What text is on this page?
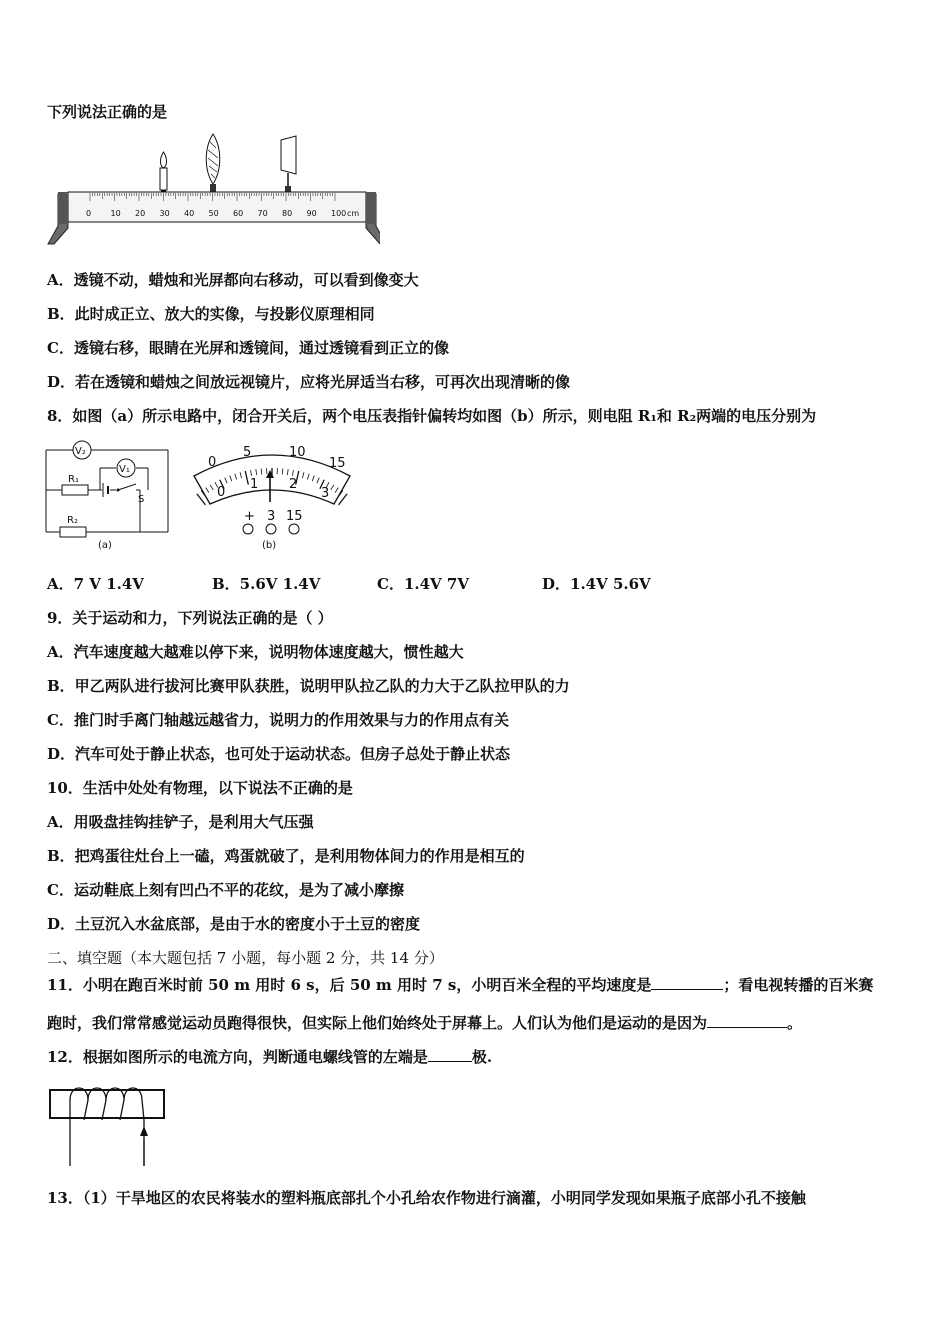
下列说法正确的是
0 10 20 30 40 50 60 70 80 90 100 cm
A．透镜不动，蜡烛和光屏都向右移动，可以看到像变大
B．此时成正立、放大的实像，与投影仪原理相同
C．透镜右移，眼睛在光屏和透镜间，通过透镜看到正立的像
D．若在透镜和蜡烛之间放远视镜片，应将光屏适当右移，可再次出现清晰的像
8．如图（a）所示电路中，闭合开关后，两个电压表指针偏转均如图（b）所示，则电阻 R₁和 R₂两端的电压分别为
V₂
V₁
R₁
S
R₂
(a)
0
5	10
15
0
1 2
3
+ 3 15
(b)
A．7 V 1.4V	B．5.6V 1.4V	C．1.4V 7V	D．1.4V 5.6V
9．关于运动和力，下列说法正确的是（ ）
A．汽车速度越大越难以停下来，说明物体速度越大，惯性越大
B．甲乙两队进行拔河比赛甲队获胜，说明甲队拉乙队的力大于乙队拉甲队的力
C．推门时手离门轴越远越省力，说明力的作用效果与力的作用点有关
D．汽车可处于静止状态，也可处于运动状态。但房子总处于静止状态
10．生活中处处有物理，以下说法不正确的是
A．用吸盘挂钩挂铲子，是利用大气压强
B．把鸡蛋往灶台上一磕，鸡蛋就破了，是利用物体间力的作用是相互的
C．运动鞋底上刻有凹凸不平的花纹，是为了减小摩擦
D．土豆沉入水盆底部，是由于水的密度小于土豆的密度
二、填空题（本大题包括 7 小题，每小题 2 分，共 14 分）
11．小明在跑百米时前 50 m 用时 6 s，后 50 m 用时 7 s，小明百米全程的平均速度是	；看电视转播的百米赛
跑时，我们常常感觉运动员跑得很快，但实际上他们始终处于屏幕上。人们认为他们是运动的是因为	。
12．根据如图所示的电流方向，判断通电螺线管的左端是	极.
13．（1）干旱地区的农民将装水的塑料瓶底部扎个小孔给农作物进行滴灌，小明同学发现如果瓶子底部小孔不接触
